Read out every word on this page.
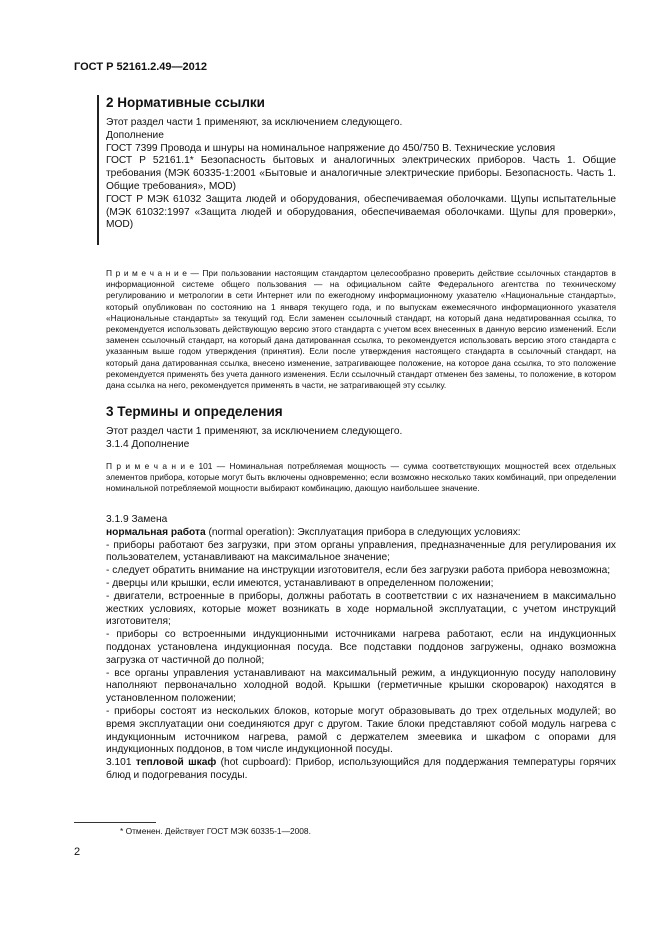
ГОСТ Р 52161.2.49—2012
2 Нормативные ссылки

Этот раздел части 1 применяют, за исключением следующего.

Дополнение

ГОСТ 7399 Провода и шнуры на номинальное напряжение до 450/750 В. Технические условия

ГОСТ Р 52161.1* Безопасность бытовых и аналогичных электрических приборов. Часть 1. Общие требования (МЭК 60335-1:2001 «Бытовые и аналогичные электрические приборы. Безопасность. Часть 1. Общие требования», MOD)

ГОСТ Р МЭК 61032 Защита людей и оборудования, обеспечиваемая оболочками. Щупы испытательные (МЭК 61032:1997 «Защита людей и оборудования, обеспечиваемая оболочками. Щупы для проверки», MOD)

П р и м е ч а н и е — При пользовании настоящим стандартом целесообразно проверить действие ссылочных стандартов в информационной системе общего пользования — на официальном сайте Федерального агентства по техническому регулированию и метрологии в сети Интернет или по ежегодному информационному указателю «Национальные стандарты», который опубликован по состоянию на 1 января текущего года, и по выпускам ежемесячного информационного указателя «Национальные стандарты» за текущий год. Если заменен ссылочный стандарт, на который дана недатированная ссылка, то рекомендуется использовать действующую версию этого стандарта с учетом всех внесенных в данную версию изменений. Если заменен ссылочный стандарт, на который дана датированная ссылка, то рекомендуется использовать версию этого стандарта с указанным выше годом утверждения (принятия). Если после утверждения настоящего стандарта в ссылочный стандарт, на который дана датированная ссылка, внесено изменение, затрагивающее положение, на которое дана ссылка, то это положение рекомендуется применять без учета данного изменения. Если ссылочный стандарт отменен без замены, то положение, в котором дана ссылка на него, рекомендуется применять в части, не затрагивающей эту ссылку.

3 Термины и определения

Этот раздел части 1 применяют, за исключением следующего.

3.1.4 Дополнение

П р и м е ч а н и е 101 — Номинальная потребляемая мощность — сумма соответствующих мощностей всех отдельных элементов прибора, которые могут быть включены одновременно; если возможно несколько таких комбинаций, при определении номинальной потребляемой мощности выбирают комбинацию, дающую наибольшее значение.

3.1.9 Замена

нормальная работа (normal operation): Эксплуатация прибора в следующих условиях:

- приборы работают без загрузки, при этом органы управления, предназначенные для регулирования их пользователем, устанавливают на максимальное значение;

- следует обратить внимание на инструкции изготовителя, если без загрузки работа прибора невозможна;

- дверцы или крышки, если имеются, устанавливают в определенном положении;

- двигатели, встроенные в приборы, должны работать в соответствии с их назначением в максимально жестких условиях, которые может возникать в ходе нормальной эксплуатации, с учетом инструкций изготовителя;

- приборы со встроенными индукционными источниками нагрева работают, если на индукционных поддонах установлена индукционная посуда. Все подставки поддонов загружены, однако возможна загрузка от частичной до полной;

- все органы управления устанавливают на максимальный режим, а индукционную посуду наполовину наполняют первоначально холодной водой. Крышки (герметичные крышки скороварок) находятся в установленном положении;

- приборы состоят из нескольких блоков, которые могут образовывать до трех отдельных модулей; во время эксплуатации они соединяются друг с другом. Такие блоки представляют собой модуль нагрева с индукционным источником нагрева, рамой с держателем змеевика и шкафом с опорами для индукционных поддонов, в том числе индукционной посуды.

3.101 тепловой шкаф (hot cupboard): Прибор, использующийся для поддержания температуры горячих блюд и подогревания посуды.

* Отменен. Действует ГОСТ МЭК 60335-1—2008.
2
